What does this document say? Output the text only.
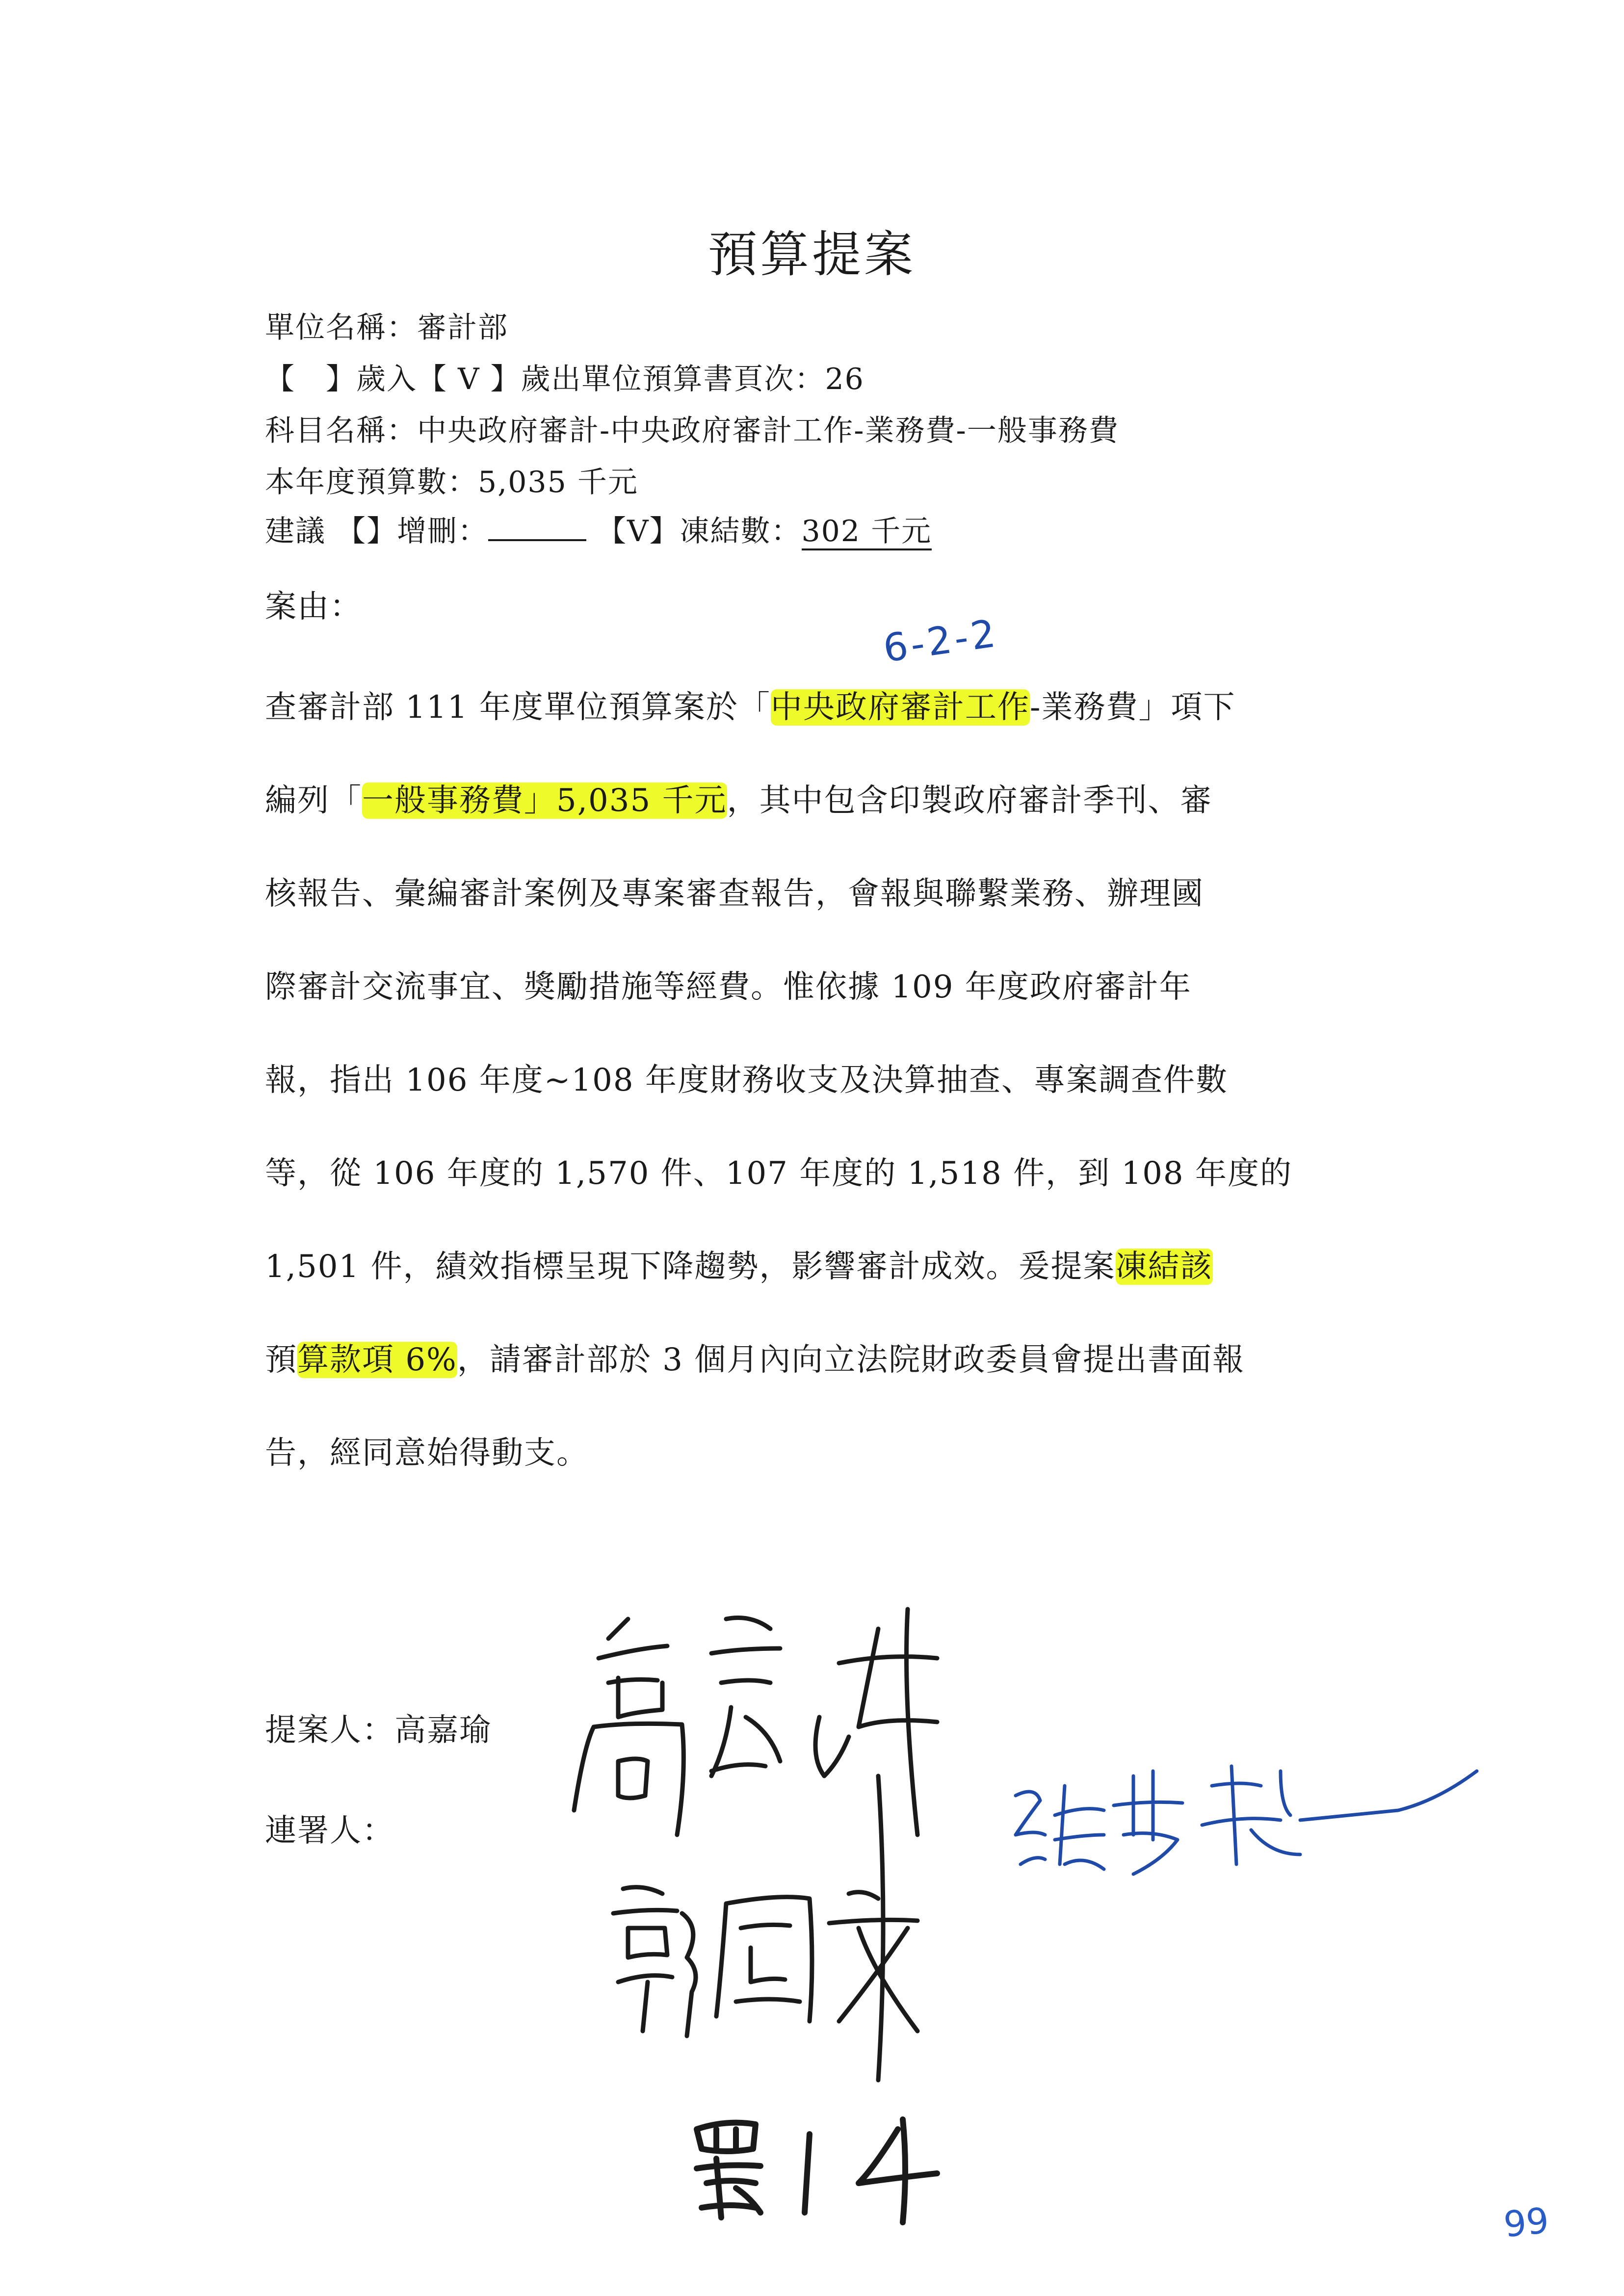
預算提案
單位名稱：審計部
【　】歲入【 V 】歲出單位預算書頁次：26
科目名稱：中央政府審計-中央政府審計工作-業務費-一般事務費
本年度預算數：5,035 千元
建議 【】增刪：	【V】凍結數：302 千元
案由：
6-2-2
查審計部 111 年度單位預算案於「中央政府審計工作-業務費」項下
編列「一般事務費」5,035 千元，其中包含印製政府審計季刊、審
核報告、彙編審計案例及專案審查報告，會報與聯繫業務、辦理國
際審計交流事宜、獎勵措施等經費。惟依據 109 年度政府審計年
報，指出 106 年度~108 年度財務收支及決算抽查、專案調查件數
等，從 106 年度的 1,570 件、107 年度的 1,518 件，到 108 年度的
1,501 件，績效指標呈現下降趨勢，影響審計成效。爰提案凍結該
預算款項 6%，請審計部於 3 個月內向立法院財政委員會提出書面報
告，經同意始得動支。
提案人：高嘉瑜
連署人：
99
